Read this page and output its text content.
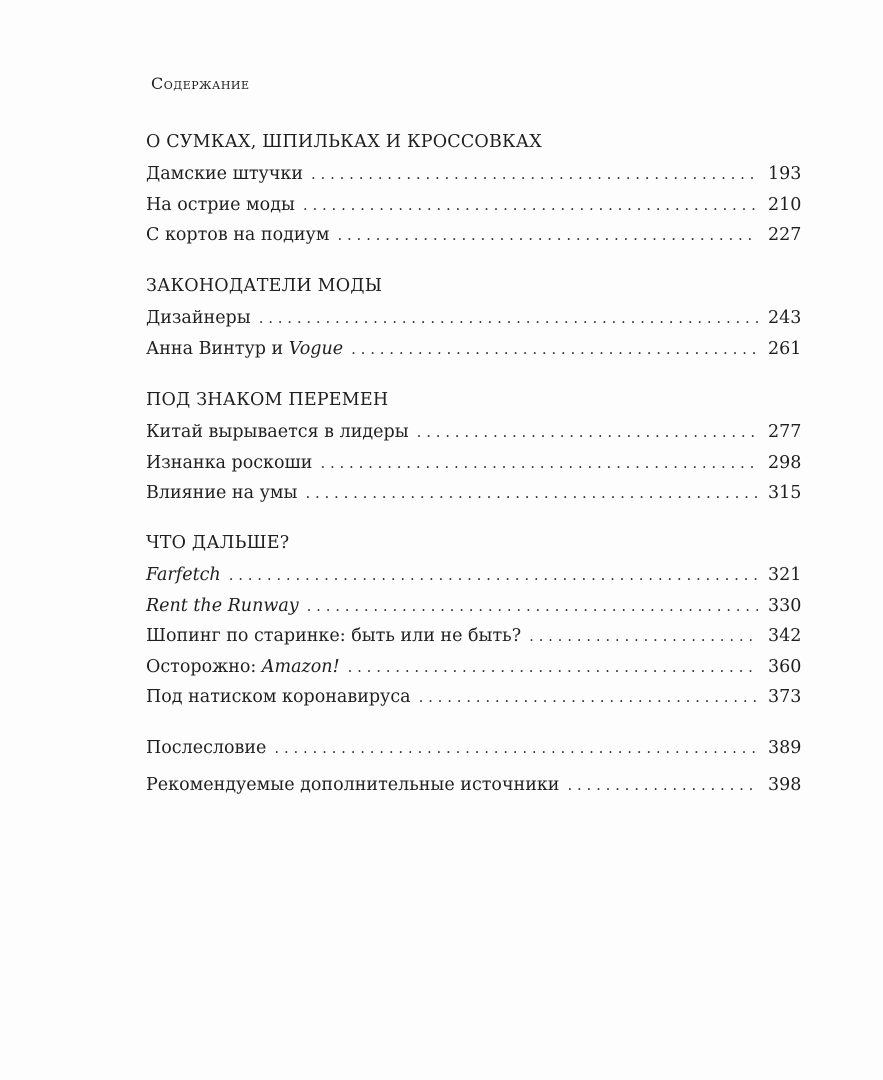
Содержание
О СУМКАХ, ШПИЛЬКАХ И КРОССОВКАХ
Дамские штучки . . .	193
На острие моды . . .	210
С кортов на подиум . . .	227
ЗАКОНОДАТЕЛИ МОДЫ
Дизайнеры . . .	243
Анна Винтур и Vogue . . .	261
ПОД ЗНАКОМ ПЕРЕМЕН
Китай вырывается в лидеры . . .	277
Изнанка роскоши . . .	298
Влияние на умы . . .	315
ЧТО ДАЛЬШЕ?
Farfetch . . .	321
Rent the Runway . . .	330
Шопинг по старинке: быть или не быть? . . .	342
Осторожно: Amazon! . . .	360
Под натиском коронавируса . . .	373
Послесловие . . .	389
Рекомендуемые дополнительные источники . . .	398
